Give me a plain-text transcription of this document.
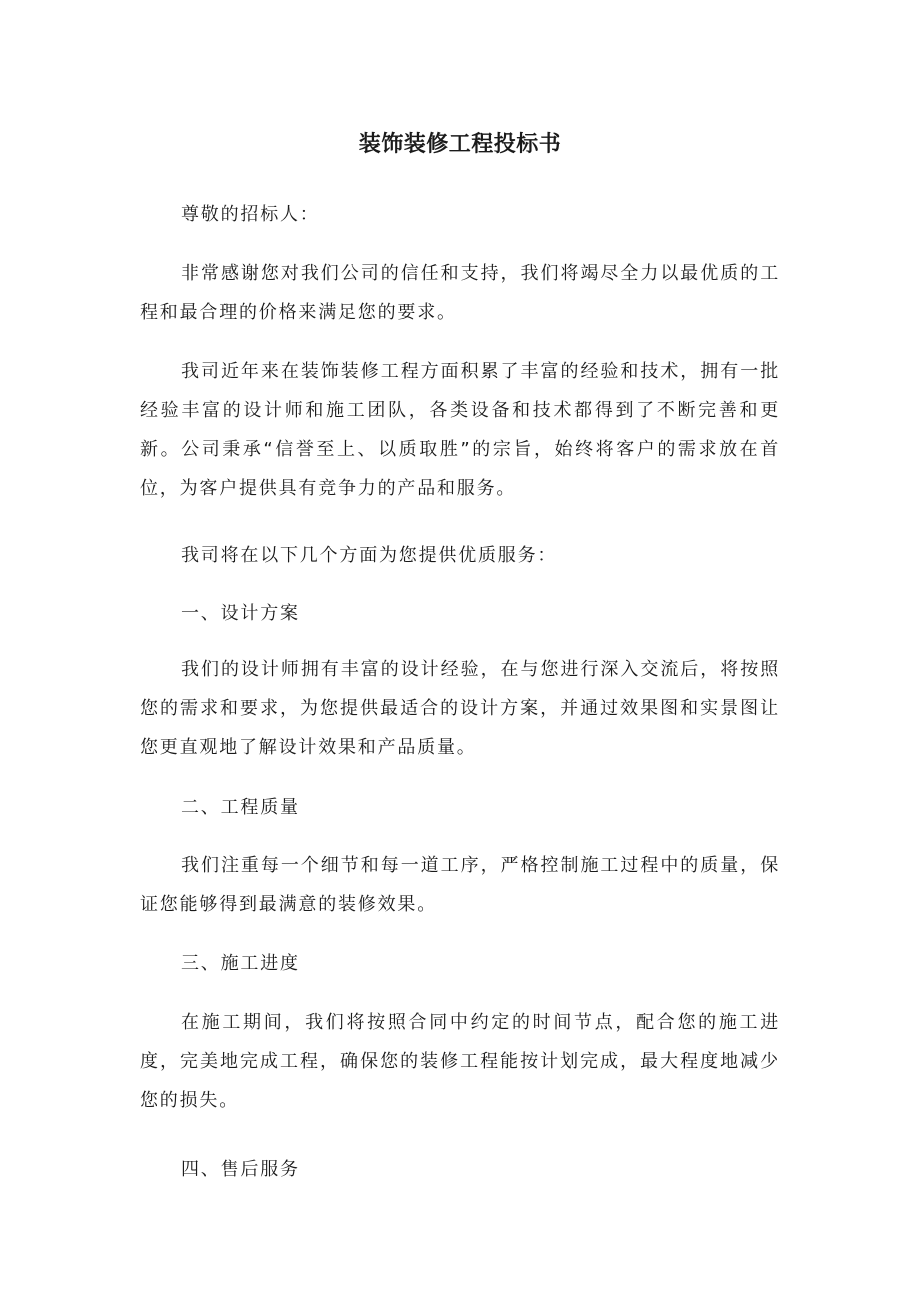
装饰装修工程投标书

尊敬的招标人：

非常感谢您对我们公司的信任和支持，我们将竭尽全力以最优质的工程和最合理的价格来满足您的要求。

我司近年来在装饰装修工程方面积累了丰富的经验和技术，拥有一批经验丰富的设计师和施工团队，各类设备和技术都得到了不断完善和更新。公司秉承“信誉至上、以质取胜”的宗旨，始终将客户的需求放在首位，为客户提供具有竞争力的产品和服务。

我司将在以下几个方面为您提供优质服务：

一、设计方案

我们的设计师拥有丰富的设计经验，在与您进行深入交流后，将按照您的需求和要求，为您提供最适合的设计方案，并通过效果图和实景图让您更直观地了解设计效果和产品质量。

二、工程质量

我们注重每一个细节和每一道工序，严格控制施工过程中的质量，保证您能够得到最满意的装修效果。

三、施工进度

在施工期间，我们将按照合同中约定的时间节点，配合您的施工进度，完美地完成工程，确保您的装修工程能按计划完成，最大程度地减少您的损失。

四、售后服务
